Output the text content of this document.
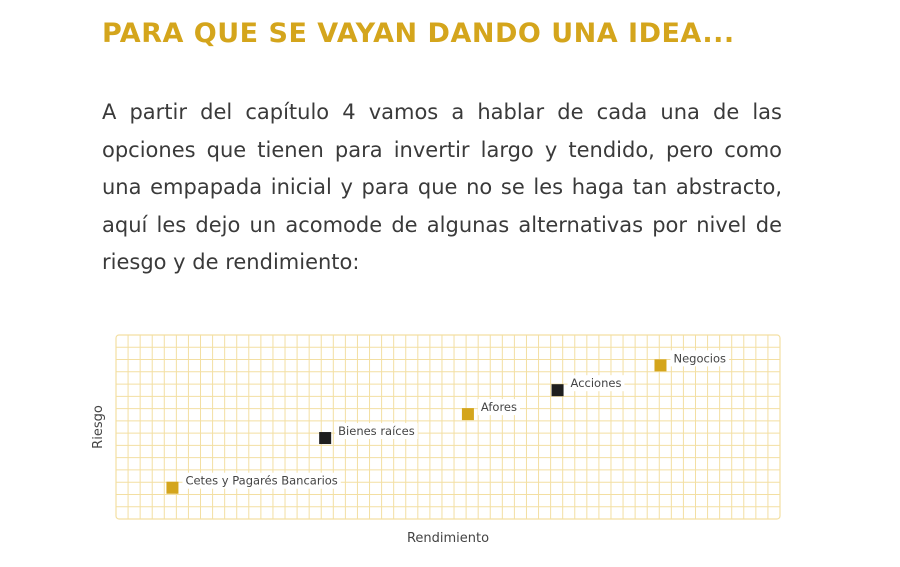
PARA QUE SE VAYAN DANDO UNA IDEA...

A partir del capítulo 4 vamos a hablar de cada una de las opciones que tienen para invertir largo y tendido, pero como una empapada inicial y para que no se les haga tan abstracto, aquí les dejo un acomode de algunas alternativas por nivel de riesgo y de rendimiento:

Cetes y Pagarés Bancarios
Bienes raíces
Afores
Acciones
Negocios
Riesgo
Rendimiento
